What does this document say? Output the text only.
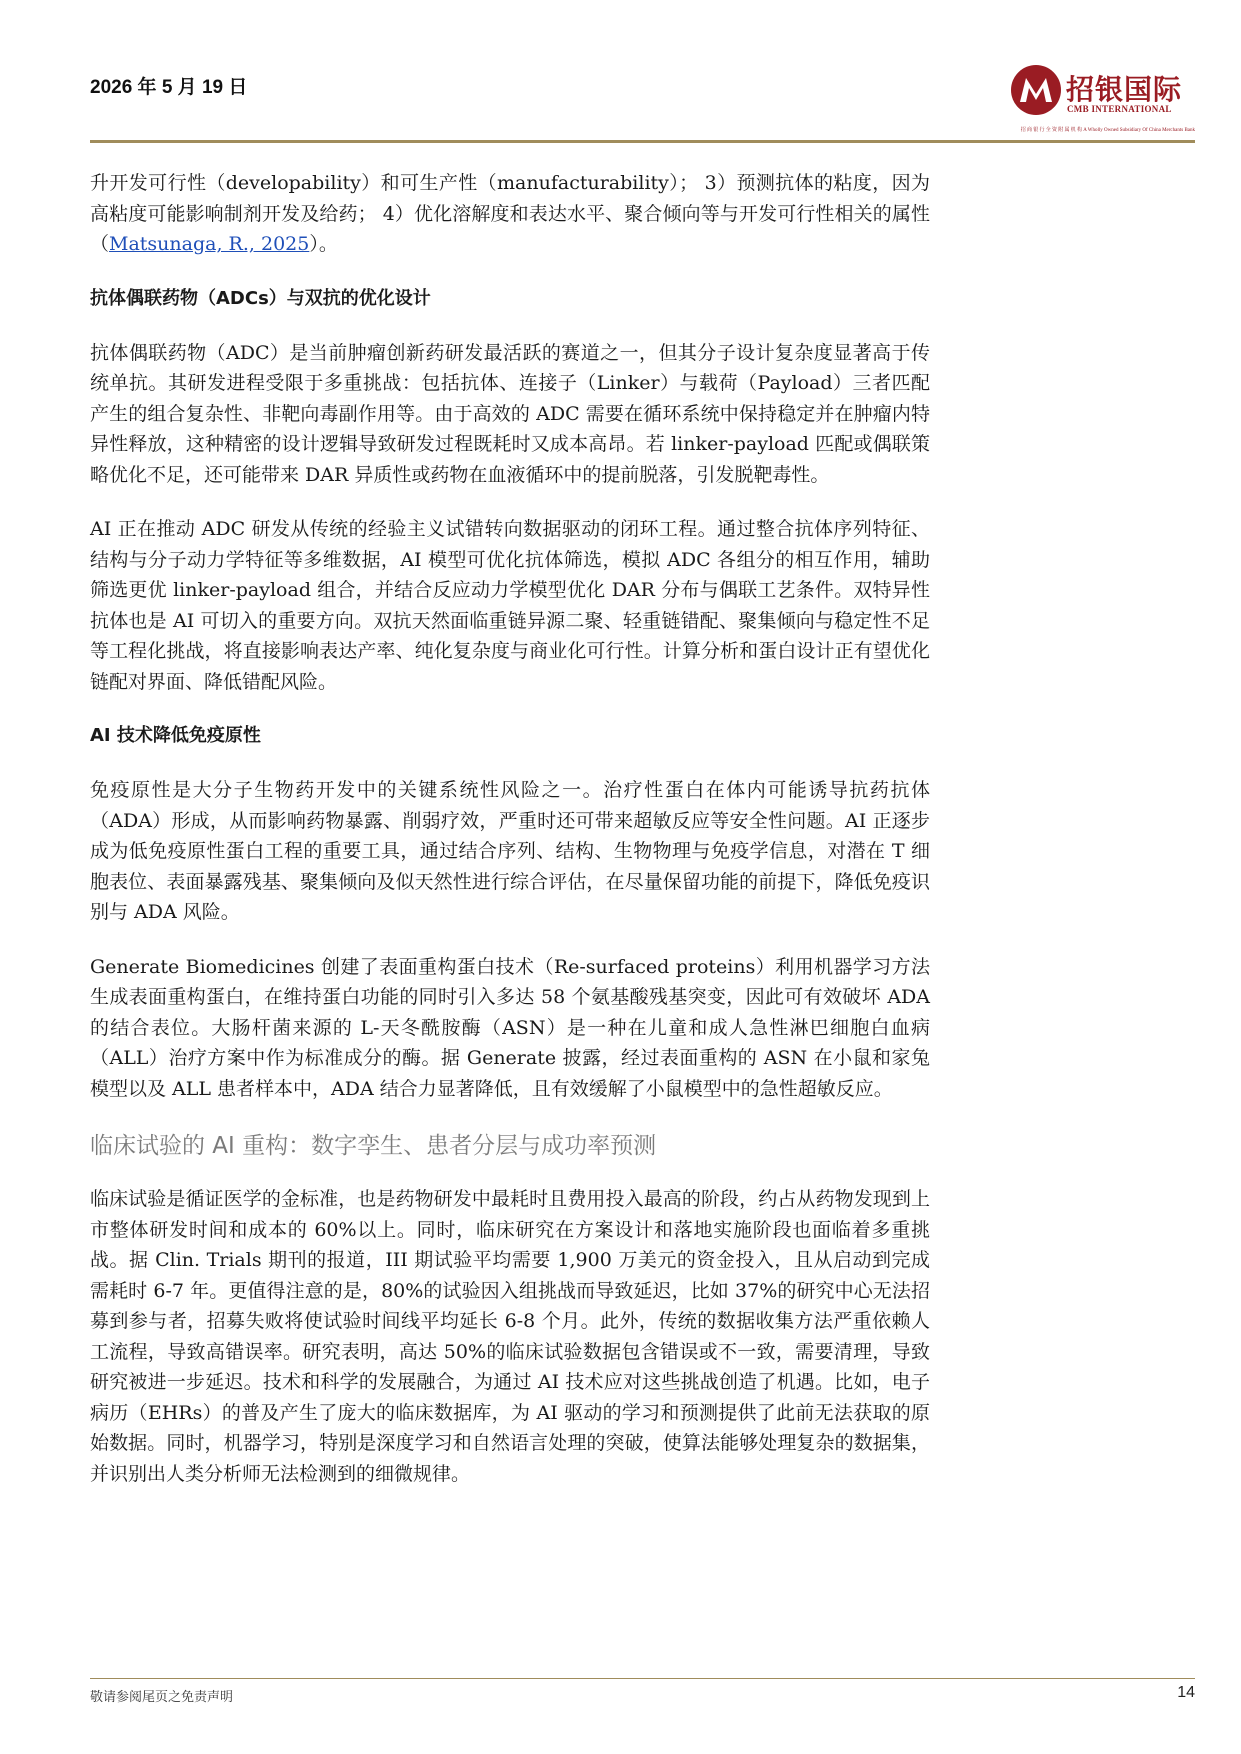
2026 年 5 月 19 日	招银国际
CMB INTERNATIONAL
招 商 银 行 全 资 附 属 机 构 A Wholly Owned Subsidiary Of China Merchants Bank

升开发可行性（developability）和可生产性（manufacturability）； 3）预测抗体的粘度，因为高粘度可能影响制剂开发及给药； 4）优化溶解度和表达水平、聚合倾向等与开发可行性相关的属性（Matsunaga, R., 2025）。

抗体偶联药物（ADCs）与双抗的优化设计

抗体偶联药物（ADC）是当前肿瘤创新药研发最活跃的赛道之一，但其分子设计复杂度显著高于传统单抗。其研发进程受限于多重挑战：包括抗体、连接子（Linker）与载荷（Payload）三者匹配产生的组合复杂性、非靶向毒副作用等。由于高效的 ADC 需要在循环系统中保持稳定并在肿瘤内特异性释放，这种精密的设计逻辑导致研发过程既耗时又成本高昂。若 linker-payload 匹配或偶联策略优化不足，还可能带来 DAR 异质性或药物在血液循环中的提前脱落，引发脱靶毒性。

AI 正在推动 ADC 研发从传统的经验主义试错转向数据驱动的闭环工程。通过整合抗体序列特征、结构与分子动力学特征等多维数据，AI 模型可优化抗体筛选，模拟 ADC 各组分的相互作用，辅助筛选更优 linker-payload 组合，并结合反应动力学模型优化 DAR 分布与偶联工艺条件。双特异性抗体也是 AI 可切入的重要方向。双抗天然面临重链异源二聚、轻重链错配、聚集倾向与稳定性不足等工程化挑战，将直接影响表达产率、纯化复杂度与商业化可行性。计算分析和蛋白设计正有望优化链配对界面、降低错配风险。

AI 技术降低免疫原性

免疫原性是大分子生物药开发中的关键系统性风险之一。治疗性蛋白在体内可能诱导抗药抗体（ADA）形成，从而影响药物暴露、削弱疗效，严重时还可带来超敏反应等安全性问题。AI 正逐步成为低免疫原性蛋白工程的重要工具，通过结合序列、结构、生物物理与免疫学信息，对潜在 T 细胞表位、表面暴露残基、聚集倾向及似天然性进行综合评估，在尽量保留功能的前提下，降低免疫识别与 ADA 风险。

Generate Biomedicines 创建了表面重构蛋白技术（Re-surfaced proteins）利用机器学习方法生成表面重构蛋白，在维持蛋白功能的同时引入多达 58 个氨基酸残基突变，因此可有效破坏 ADA 的结合表位。大肠杆菌来源的 L-天冬酰胺酶（ASN）是一种在儿童和成人急性淋巴细胞白血病（ALL）治疗方案中作为标准成分的酶。据 Generate 披露，经过表面重构的 ASN 在小鼠和家兔模型以及 ALL 患者样本中，ADA 结合力显著降低，且有效缓解了小鼠模型中的急性超敏反应。

临床试验的 AI 重构：数字孪生、患者分层与成功率预测

临床试验是循证医学的金标准，也是药物研发中最耗时且费用投入最高的阶段，约占从药物发现到上市整体研发时间和成本的 60%以上。同时，临床研究在方案设计和落地实施阶段也面临着多重挑战。据 Clin. Trials 期刊的报道，III 期试验平均需要 1,900 万美元的资金投入，且从启动到完成需耗时 6-7 年。更值得注意的是，80%的试验因入组挑战而导致延迟，比如 37%的研究中心无法招募到参与者，招募失败将使试验时间线平均延长 6-8 个月。此外，传统的数据收集方法严重依赖人工流程，导致高错误率。研究表明，高达 50%的临床试验数据包含错误或不一致，需要清理，导致研究被进一步延迟。技术和科学的发展融合，为通过 AI 技术应对这些挑战创造了机遇。比如，电子病历（EHRs）的普及产生了庞大的临床数据库，为 AI 驱动的学习和预测提供了此前无法获取的原始数据。同时，机器学习，特别是深度学习和自然语言处理的突破，使算法能够处理复杂的数据集，并识别出人类分析师无法检测到的细微规律。

敬请参阅尾页之免责声明	14
